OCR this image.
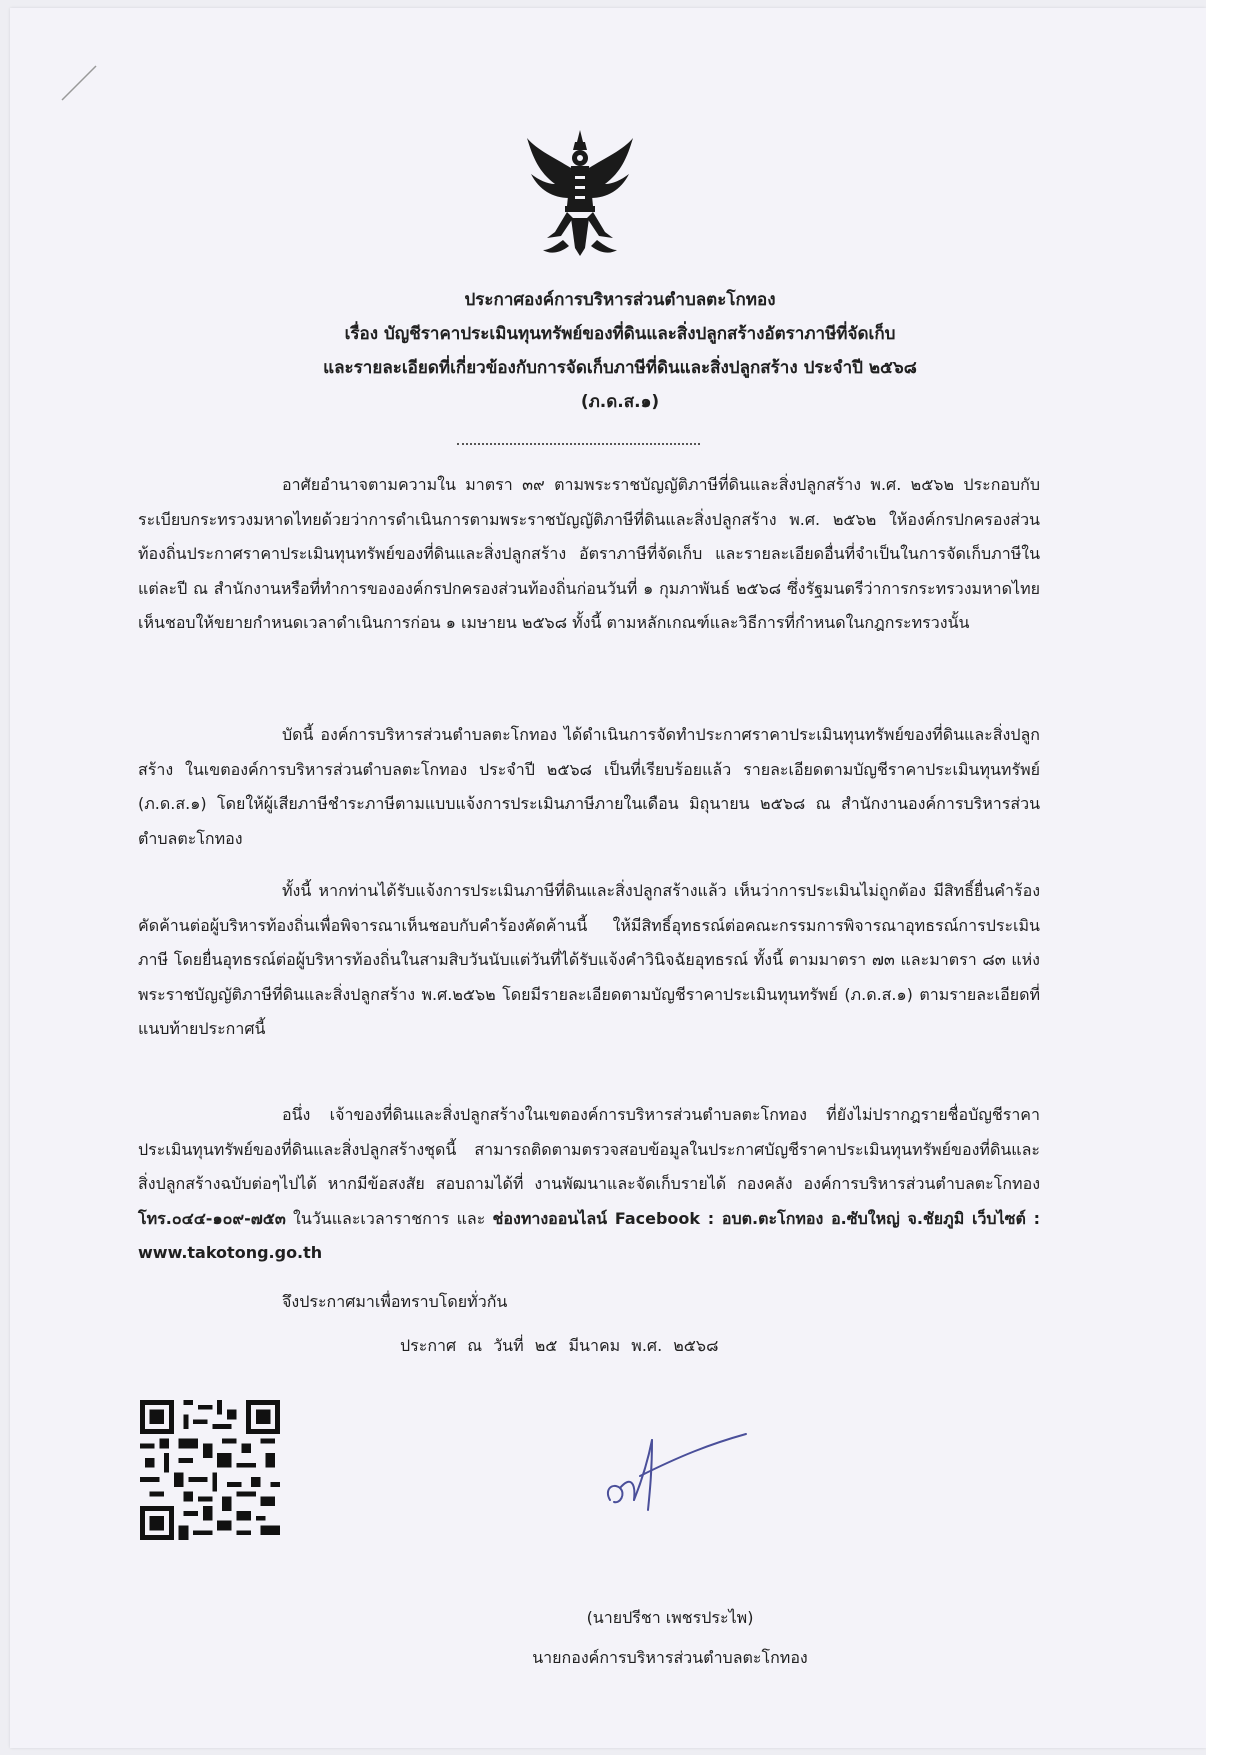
ประกาศองค์การบริหารส่วนตำบลตะโกทอง
เรื่อง บัญชีราคาประเมินทุนทรัพย์ของที่ดินและสิ่งปลูกสร้างอัตราภาษีที่จัดเก็บ
และรายละเอียดที่เกี่ยวข้องกับการจัดเก็บภาษีที่ดินและสิ่งปลูกสร้าง ประจำปี ๒๕๖๘
(ภ.ด.ส.๑)

อาศัยอำนาจตามความใน มาตรา ๓๙ ตามพระราชบัญญัติภาษีที่ดินและสิ่งปลูกสร้าง พ.ศ. ๒๕๖๒ ประกอบกับระเบียบกระทรวงมหาดไทยด้วยว่าการดำเนินการตามพระราชบัญญัติภาษีที่ดินและสิ่งปลูกสร้าง พ.ศ. ๒๕๖๒ ให้องค์กรปกครองส่วนท้องถิ่นประกาศราคาประเมินทุนทรัพย์ของที่ดินและสิ่งปลูกสร้าง อัตราภาษีที่จัดเก็บ และรายละเอียดอื่นที่จำเป็นในการจัดเก็บภาษีในแต่ละปี ณ สำนักงานหรือที่ทำการขององค์กรปกครองส่วนท้องถิ่นก่อนวันที่ ๑ กุมภาพันธ์ ๒๕๖๘ ซึ่งรัฐมนตรีว่าการกระทรวงมหาดไทย เห็นชอบให้ขยายกำหนดเวลาดำเนินการก่อน ๑ เมษายน ๒๕๖๘ ทั้งนี้ ตามหลักเกณฑ์และวิธีการที่กำหนดในกฎกระทรวงนั้น

บัดนี้ องค์การบริหารส่วนตำบลตะโกทอง ได้ดำเนินการจัดทำประกาศราคาประเมินทุนทรัพย์ของที่ดินและสิ่งปลูกสร้าง ในเขตองค์การบริหารส่วนตำบลตะโกทอง ประจำปี ๒๕๖๘ เป็นที่เรียบร้อยแล้ว รายละเอียดตามบัญชีราคาประเมินทุนทรัพย์ (ภ.ด.ส.๑) โดยให้ผู้เสียภาษีชำระภาษีตามแบบแจ้งการประเมินภาษีภายในเดือน มิถุนายน ๒๕๖๘ ณ สำนักงานองค์การบริหารส่วนตำบลตะโกทอง

ทั้งนี้ หากท่านได้รับแจ้งการประเมินภาษีที่ดินและสิ่งปลูกสร้างแล้ว เห็นว่าการประเมินไม่ถูกต้อง มีสิทธิ์ยื่นคำร้องคัดค้านต่อผู้บริหารท้องถิ่นเพื่อพิจารณาเห็นชอบกับคำร้องคัดค้านนี้ ให้มีสิทธิ์อุทธรณ์ต่อคณะกรรมการพิจารณาอุทธรณ์การประเมินภาษี โดยยื่นอุทธรณ์ต่อผู้บริหารท้องถิ่นในสามสิบวันนับแต่วันที่ได้รับแจ้งคำวินิจฉัยอุทธรณ์ ทั้งนี้ ตามมาตรา ๗๓ และมาตรา ๘๓ แห่งพระราชบัญญัติภาษีที่ดินและสิ่งปลูกสร้าง พ.ศ.๒๕๖๒ โดยมีรายละเอียดตามบัญชีราคาประเมินทุนทรัพย์ (ภ.ด.ส.๑) ตามรายละเอียดที่แนบท้ายประกาศนี้

อนึ่ง เจ้าของที่ดินและสิ่งปลูกสร้างในเขตองค์การบริหารส่วนตำบลตะโกทอง ที่ยังไม่ปรากฎรายชื่อบัญชีราคาประเมินทุนทรัพย์ของที่ดินและสิ่งปลูกสร้างชุดนี้ สามารถติดตามตรวจสอบข้อมูลในประกาศบัญชีราคาประเมินทุนทรัพย์ของที่ดินและสิ่งปลูกสร้างฉบับต่อๆไปได้ หากมีข้อสงสัย สอบถามได้ที่ งานพัฒนาและจัดเก็บรายได้ กองคลัง องค์การบริหารส่วนตำบลตะโกทอง โทร.๐๔๔-๑๐๙-๗๕๓ ในวันและเวลาราชการ และ ช่องทางออนไลน์ Facebook : อบต.ตะโกทอง อ.ซับใหญ่ จ.ชัยภูมิ เว็บไซต์ : www.takotong.go.th

จึงประกาศมาเพื่อทราบโดยทั่วกัน
ประกาศ ณ วันที่ ๒๕ มีนาคม พ.ศ. ๒๕๖๘
(นายปรีชา เพชรประไพ)
นายกองค์การบริหารส่วนตำบลตะโกทอง
